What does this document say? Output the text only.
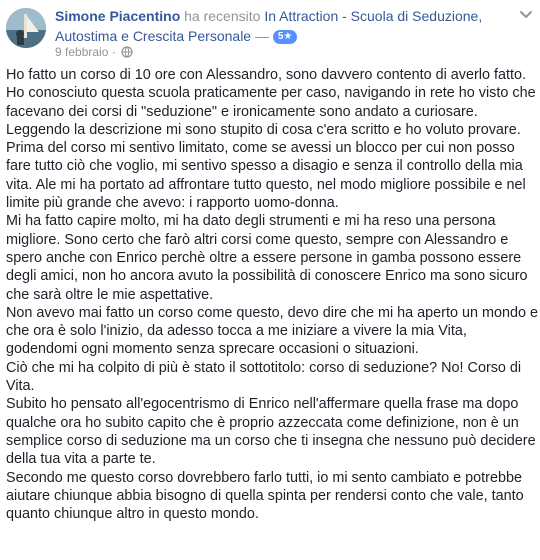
Simone Piacentino ha recensito In Attraction - Scuola di Seduzione, Autostima e Crescita Personale — 5★
9 febbraio ·

Ho fatto un corso di 10 ore con Alessandro, sono davvero contento di averlo fatto.

Ho conosciuto questa scuola praticamente per caso, navigando in rete ho visto che facevano dei corsi di "seduzione" e ironicamente sono andato a curiosare.

Leggendo la descrizione mi sono stupito di cosa c'era scritto e ho voluto provare.

Prima del corso mi sentivo limitato, come se avessi un blocco per cui non posso fare tutto ciò che voglio, mi sentivo spesso a disagio e senza il controllo della mia vita. Ale mi ha portato ad affrontare tutto questo, nel modo migliore possibile e nel limite più grande che avevo: i rapporto uomo-donna.

Mi ha fatto capire molto, mi ha dato degli strumenti e mi ha reso una persona migliore. Sono certo che farò altri corsi come questo, sempre con Alessandro e spero anche con Enrico perchè oltre a essere persone in gamba possono essere degli amici, non ho ancora avuto la possibilità di conoscere Enrico ma sono sicuro che sarà oltre le mie aspettative.

Non avevo mai fatto un corso come questo, devo dire che mi ha aperto un mondo e che ora è solo l'inizio, da adesso tocca a me iniziare a vivere la mia Vita, godendomi ogni momento senza sprecare occasioni o situazioni.

Ciò che mi ha colpito di più è stato il sottotitolo: corso di seduzione? No! Corso di Vita.

Subito ho pensato all'egocentrismo di Enrico nell'affermare quella frase ma dopo qualche ora ho subito capito che è proprio azzeccata come definizione, non è un semplice corso di seduzione ma un corso che ti insegna che nessuno può decidere della tua vita a parte te.

Secondo me questo corso dovrebbero farlo tutti, io mi sento cambiato e potrebbe aiutare chiunque abbia bisogno di quella spinta per rendersi conto che vale, tanto quanto chiunque altro in questo mondo.
